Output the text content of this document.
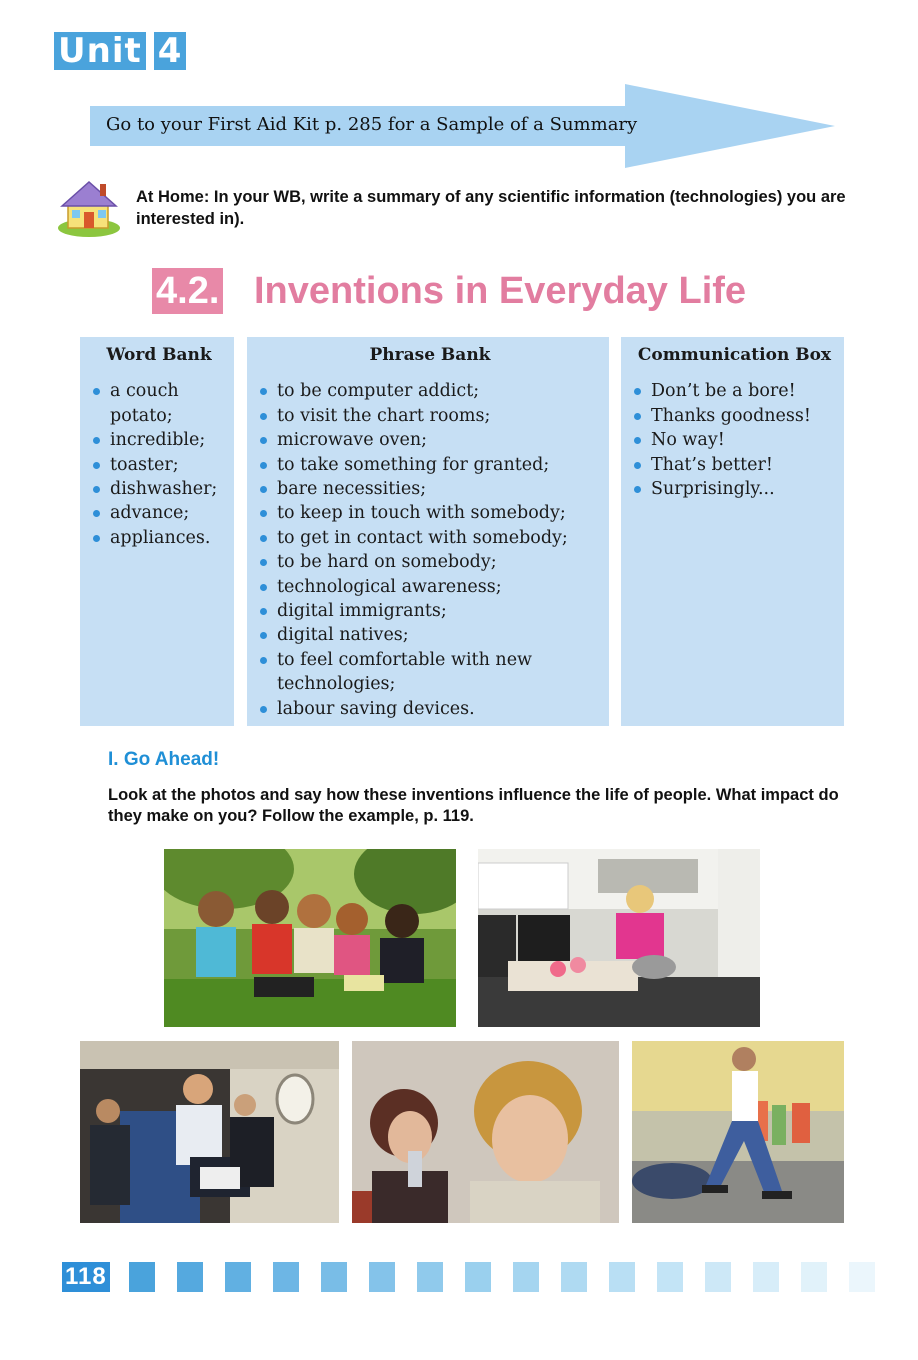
Unit 4
Go to your First Aid Kit p. 285 for a Sample of a Summary
At Home: In your WB, write a summary of any scientific information (technologies) you are interested in).
4.2. Inventions in Everyday Life
Word Bank
a couch potato;
incredible;
toaster;
dishwasher;
advance;
appliances.
Phrase Bank
to be computer addict;
to visit the chart rooms;
microwave oven;
to take something for granted;
bare necessities;
to keep in touch with somebody;
to get in contact with somebody;
to be hard on somebody;
technological awareness;
digital immigrants;
digital natives;
to feel comfortable with new technologies;
labour saving devices.
Communication Box
Don’t be a bore!
Thanks goodness!
No way!
That’s better!
Surprisingly...
I. Go Ahead!
Look at the photos and say how these inventions influence the life of people. What impact do they make on you? Follow the example, p. 119.
118
